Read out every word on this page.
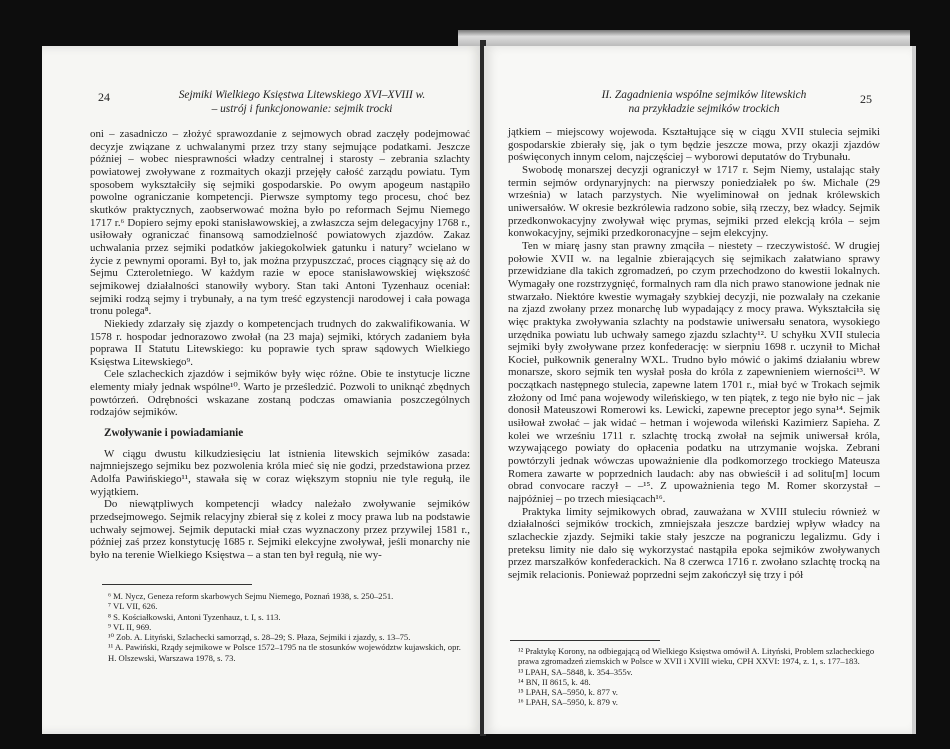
24	Sejmiki Wielkiego Księstwa Litewskiego XVI–XVIII w.
– ustrój i funkcjonowanie: sejmik trocki

oni – zasadniczo – złożyć sprawozdanie z sejmowych obrad zaczęły podejmować decyzje związane z uchwalanymi przez trzy stany sejmujące podatkami. Jeszcze później – wobec niesprawności władzy centralnej i starosty – zebrania szlachty powiatowej zwoływane z rozmaitych okazji przejęły całość zarządu powiatu. Tym sposobem wykształciły się sejmiki gospodarskie. Po owym apogeum nastąpiło powolne ograniczanie kompetencji. Pierwsze symptomy tego procesu, choć bez skutków praktycznych, zaobserwować można było po reformach Sejmu Niemego 1717 r.⁶ Dopiero sejmy epoki stanisławowskiej, a zwłaszcza sejm delegacyjny 1768 r., usiłowały ograniczać finansową samodzielność powiatowych zjazdów. Zakaz uchwalania przez sejmiki podatków jakiegokolwiek gatunku i natury⁷ wcielano w życie z pewnymi oporami. Był to, jak można przypuszczać, proces ciągnący się aż do Sejmu Czteroletniego. W każdym razie w epoce stanisławowskiej większość sejmikowej działalności stanowiły wybory. Stan taki Antoni Tyzenhauz oceniał: sejmiki rodzą sejmy i trybunały, a na tym treść egzystencji narodowej i cała powaga tronu polega⁸.

Niekiedy zdarzały się zjazdy o kompetencjach trudnych do zakwalifikowania. W 1578 r. hospodar jednorazowo zwołał (na 23 maja) sejmiki, których zadaniem była poprawa II Statutu Litewskiego: ku poprawie tych spraw sądowych Wielkiego Księstwa Litewskiego⁹.

Cele szlacheckich zjazdów i sejmików były więc różne. Obie te instytucje liczne elementy miały jednak wspólne¹⁰. Warto je prześledzić. Pozwoli to uniknąć zbędnych powtórzeń. Odrębności wskazane zostaną podczas omawiania poszczególnych rodzajów sejmików.

Zwoływanie i powiadamianie

W ciągu dwustu kilkudziesięciu lat istnienia litewskich sejmików zasada: najmniejszego sejmiku bez pozwolenia króla mieć się nie godzi, przedstawiona przez Adolfa Pawińskiego¹¹, stawała się w coraz większym stopniu nie tyle regułą, ile wyjątkiem.

Do niewątpliwych kompetencji władcy należało zwoływanie sejmików przedsejmowego. Sejmik relacyjny zbierał się z kolei z mocy prawa lub na podstawie uchwały sejmowej. Sejmik deputacki miał czas wyznaczony przez przywilej 1581 r., później zaś przez konstytucję 1685 r. Sejmiki elekcyjne zwoływał, jeśli monarchy nie było na terenie Wielkiego Księstwa – a stan ten był regułą, nie wy-

⁶ M. Nycz, Geneza reform skarbowych Sejmu Niemego, Poznań 1938, s. 250–251.
⁷ VL VII, 626.
⁸ S. Kościałkowski, Antoni Tyzenhauz, t. I, s. 113.
⁹ VL II, 969.
¹⁰ Zob. A. Lityński, Szlachecki samorząd, s. 28–29; S. Płaza, Sejmiki i zjazdy, s. 13–75.
¹¹ A. Pawiński, Rządy sejmikowe w Polsce 1572–1795 na tle stosunków województw kujawskich, opr. H. Olszewski, Warszawa 1978, s. 73.
II. Zagadnienia wspólne sejmików litewskich
na przykładzie sejmików trockich
25

jątkiem – miejscowy wojewoda. Kształtujące się w ciągu XVII stulecia sejmiki gospodarskie zbierały się, jak o tym będzie jeszcze mowa, przy okazji zjazdów poświęconych innym celom, najczęściej – wyborowi deputatów do Trybunału.

Swobodę monarszej decyzji ograniczył w 1717 r. Sejm Niemy, ustalając stały termin sejmów ordynaryjnych: na pierwszy poniedziałek po św. Michale (29 września) w latach parzystych. Nie wyeliminował on jednak królewskich uniwersałów. W okresie bezkrólewia radzono sobie, siłą rzeczy, bez władcy. Sejmik przedkonwokacyjny zwoływał więc prymas, sejmiki przed elekcją króla – sejm konwokacyjny, sejmiki przedkoronacyjne – sejm elekcyjny.

Ten w miarę jasny stan prawny zmąciła – niestety – rzeczywistość. W drugiej połowie XVII w. na legalnie zbierających się sejmikach załatwiano sprawy przewidziane dla takich zgromadzeń, po czym przechodzono do kwestii lokalnych. Wymagały one rozstrzygnięć, formalnych ram dla nich prawo stanowione jednak nie stwarzało. Niektóre kwestie wymagały szybkiej decyzji, nie pozwalały na czekanie na zjazd zwołany przez monarchę lub wypadający z mocy prawa. Wykształciła się więc praktyka zwoływania szlachty na podstawie uniwersału senatora, wysokiego urzędnika powiatu lub uchwały samego zjazdu szlachty¹². U schyłku XVII stulecia sejmiki były zwoływane przez konfederację: w sierpniu 1698 r. uczynił to Michał Kocieł, pułkownik generalny WXL. Trudno było mówić o jakimś działaniu wbrew monarsze, skoro sejmik ten wysłał posła do króla z zapewnieniem wierności¹³. W początkach następnego stulecia, zapewne latem 1701 r., miał być w Trokach sejmik złożony od Imć pana wojewody wileńskiego, w ten piątek, z tego nie było nic – jak donosił Mateuszowi Romerowi ks. Lewicki, zapewne preceptor jego syna¹⁴. Sejmik usiłował zwołać – jak widać – hetman i wojewoda wileński Kazimierz Sapieha. Z kolei we wrześniu 1711 r. szlachtę trocką zwołał na sejmik uniwersał króla, wzywającego powiaty do opłacenia podatku na utrzymanie wojska. Zebrani powtórzyli jednak wówczas upoważnienie dla podkomorzego trockiego Mateusza Romera zawarte w poprzednich laudach: aby nas obwieścił i ad solitu[m] locum obrad convocare raczył – –¹⁵. Z upoważnienia tego M. Romer skorzystał – najpóźniej – po trzech miesiącach¹⁶.

Praktyka limity sejmikowych obrad, zauważana w XVIII stuleciu również w działalności sejmików trockich, zmniejszała jeszcze bardziej wpływ władcy na szlacheckie zjazdy. Sejmiki takie stały jeszcze na pograniczu legalizmu. Gdy i preteksu limity nie dało się wykorzystać nastąpiła epoka sejmików zwoływanych przez marszałków konfederackich. Na 8 czerwca 1716 r. zwołano szlachtę trocką na sejmik relacionis. Ponieważ poprzedni sejm zakończył się trzy i pół

¹² Praktykę Korony, na odbiegającą od Wielkiego Księstwa omówił A. Lityński, Problem szlacheckiego prawa zgromadzeń ziemskich w Polsce w XVII i XVIII wieku, CPH XXVI: 1974, z. 1, s. 177–183.
¹³ LPAH, SA–5848, k. 354–355v.
¹⁴ BN, II 8615, k. 48.
¹⁵ LPAH, SA–5950, k. 877 v.
¹⁶ LPAH, SA–5950, k. 879 v.
